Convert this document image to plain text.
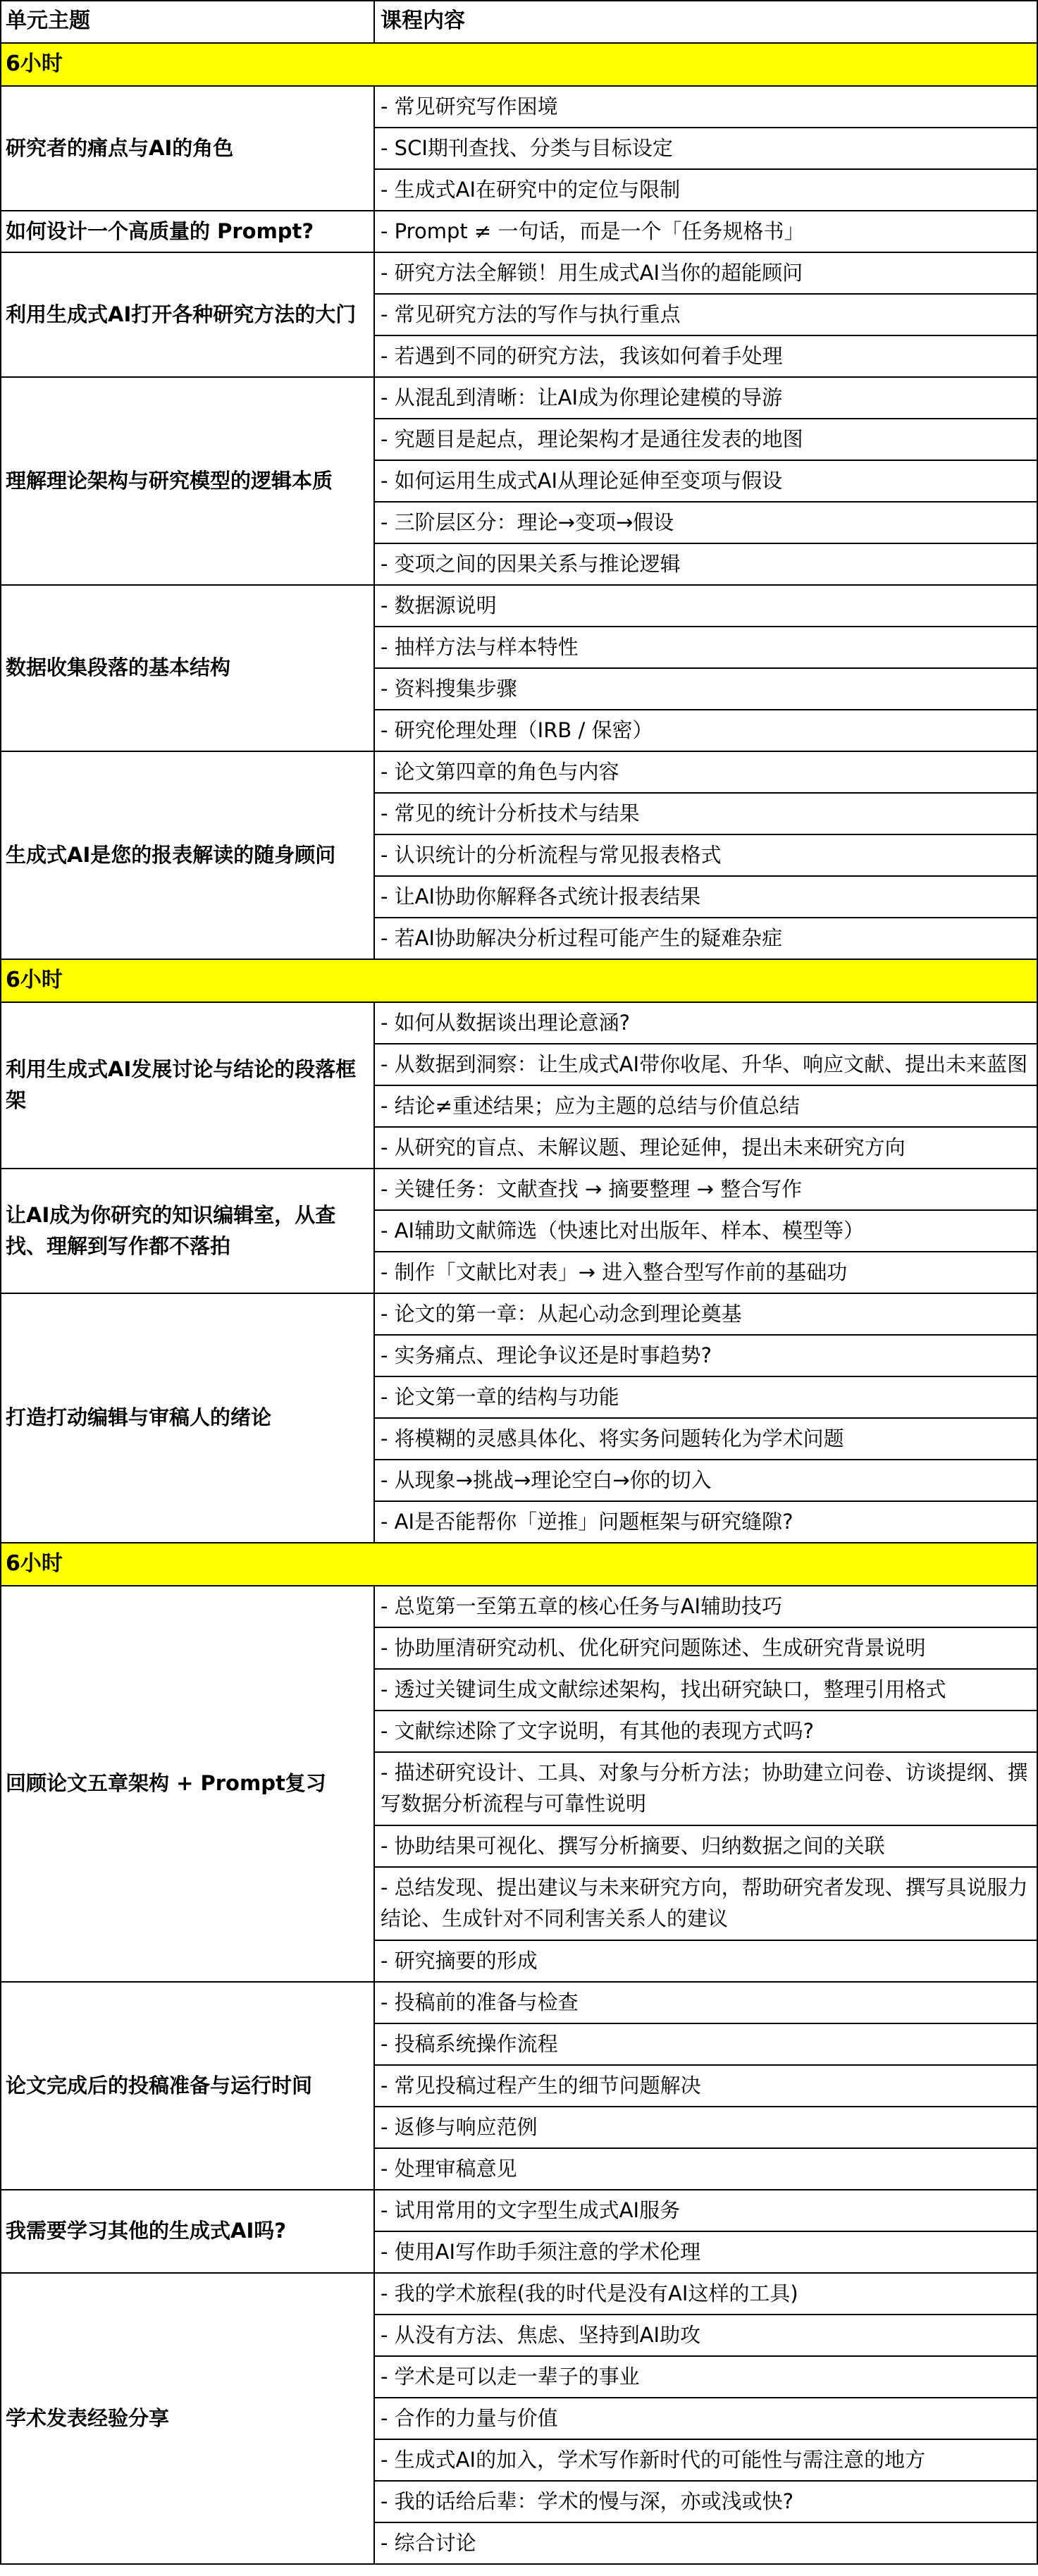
单元主题	课程内容
6小时
- 常见研究写作困境
- SCI期刊查找、分类与目标设定
- 生成式AI在研究中的定位与限制
- Prompt ≠ 一句话，而是一个「任务规格书」
- 研究方法全解锁！用生成式AI当你的超能顾问
- 常见研究方法的写作与执行重点
- 若遇到不同的研究方法，我该如何着手处理
- 从混乱到清晰：让AI成为你理论建模的导游
- 究题目是起点，理论架构才是通往发表的地图
- 如何运用生成式AI从理论延伸至变项与假设
- 三阶层区分：理论→变项→假设
- 变项之间的因果关系与推论逻辑
- 数据源说明
- 抽样方法与样本特性
- 资料搜集步骤
- 研究伦理处理（IRB / 保密）
- 论文第四章的角色与内容
- 常见的统计分析技术与结果
- 认识统计的分析流程与常见报表格式
- 让AI协助你解释各式统计报表结果
- 若AI协助解决分析过程可能产生的疑难杂症
6小时
- 如何从数据谈出理论意涵?
- 从数据到洞察：让生成式AI带你收尾、升华、响应文献、提出未来蓝图
- 结论≠重述结果；应为主题的总结与价值总结
- 从研究的盲点、未解议题、理论延伸，提出未来研究方向
- 关键任务：文献查找 → 摘要整理 → 整合写作
- AI辅助文献筛选（快速比对出版年、样本、模型等）
- 制作「文献比对表」→ 进入整合型写作前的基础功
- 论文的第一章：从起心动念到理论奠基
- 实务痛点、理论争议还是时事趋势?
- 论文第一章的结构与功能
- 将模糊的灵感具体化、将实务问题转化为学术问题
- 从现象→挑战→理论空白→你的切入
- AI是否能帮你「逆推」问题框架与研究缝隙?
6小时
- 总览第一至第五章的核心任务与AI辅助技巧
- 协助厘清研究动机、优化研究问题陈述、生成研究背景说明
- 透过关键词生成文献综述架构，找出研究缺口，整理引用格式
- 文献综述除了文字说明，有其他的表现方式吗?
- 描述研究设计、工具、对象与分析方法；协助建立问卷、访谈提纲、撰写数据分析流程与可靠性说明
- 协助结果可视化、撰写分析摘要、归纳数据之间的关联
- 总结发现、提出建议与未来研究方向，帮助研究者发现、撰写具说服力结论、生成针对不同利害关系人的建议
- 研究摘要的形成
- 投稿前的准备与检查
- 投稿系统操作流程
- 常见投稿过程产生的细节问题解决
- 返修与响应范例
- 处理审稿意见
- 试用常用的文字型生成式AI服务
- 使用AI写作助手须注意的学术伦理
- 我的学术旅程(我的时代是没有AI这样的工具)
- 从没有方法、焦虑、坚持到AI助攻
- 学术是可以走一辈子的事业
- 合作的力量与价值
- 生成式AI的加入，学术写作新时代的可能性与需注意的地方
- 我的话给后辈：学术的慢与深，亦或浅或快?
- 综合讨论
研究者的痛点与AI的角色
如何设计一个高质量的 Prompt?
利用生成式AI打开各种研究方法的大门
理解理论架构与研究模型的逻辑本质
数据收集段落的基本结构
生成式AI是您的报表解读的随身顾问
利用生成式AI发展讨论与结论的段落框架
让AI成为你研究的知识编辑室，从查找、理解到写作都不落拍
打造打动编辑与审稿人的绪论
回顾论文五章架构 + Prompt复习
论文完成后的投稿准备与运行时间
我需要学习其他的生成式AI吗?
学术发表经验分享
